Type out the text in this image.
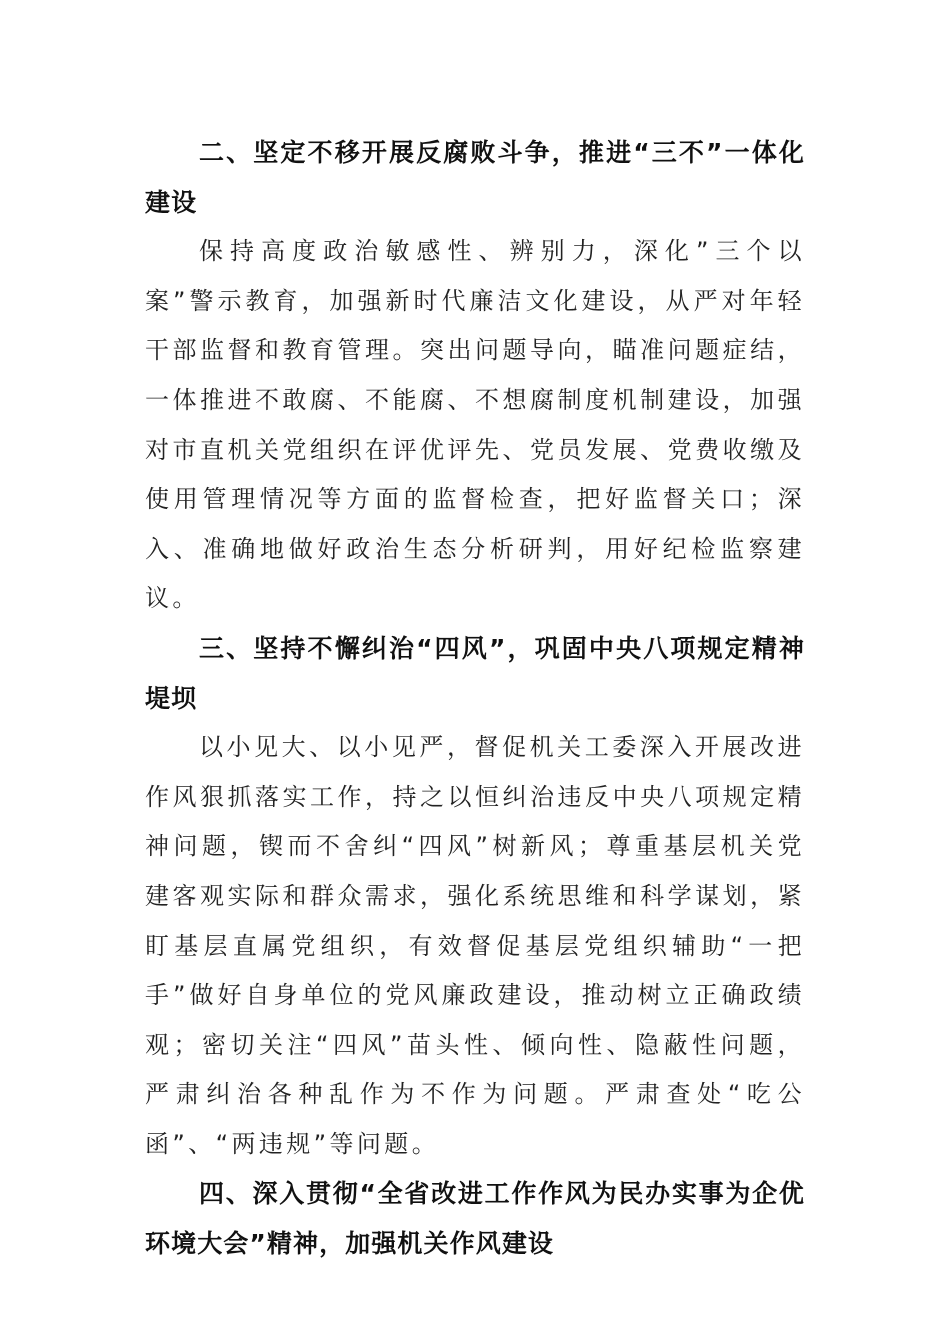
二、坚定不移开展反腐败斗争，推进“三不”一体化建设

保持高度政治敏感性、辨别力，深化”三个以案”警示教育，加强新时代廉洁文化建设，从严对年轻干部监督和教育管理。突出问题导向，瞄准问题症结，一体推进不敢腐、不能腐、不想腐制度机制建设，加强对市直机关党组织在评优评先、党员发展、党费收缴及使用管理情况等方面的监督检查，把好监督关口；深入、准确地做好政治生态分析研判，用好纪检监察建议。

三、坚持不懈纠治“四风”，巩固中央八项规定精神堤坝

以小见大、以小见严，督促机关工委深入开展改进作风狠抓落实工作，持之以恒纠治违反中央八项规定精神问题，锲而不舍纠“四风”树新风；尊重基层机关党建客观实际和群众需求，强化系统思维和科学谋划，紧盯基层直属党组织，有效督促基层党组织辅助“一把手”做好自身单位的党风廉政建设，推动树立正确政绩观；密切关注“四风”苗头性、倾向性、隐蔽性问题，严肃纠治各种乱作为不作为问题。严肃查处“吃公函”、“两违规”等问题。

四、深入贯彻“全省改进工作作风为民办实事为企优环境大会”精神，加强机关作风建设
